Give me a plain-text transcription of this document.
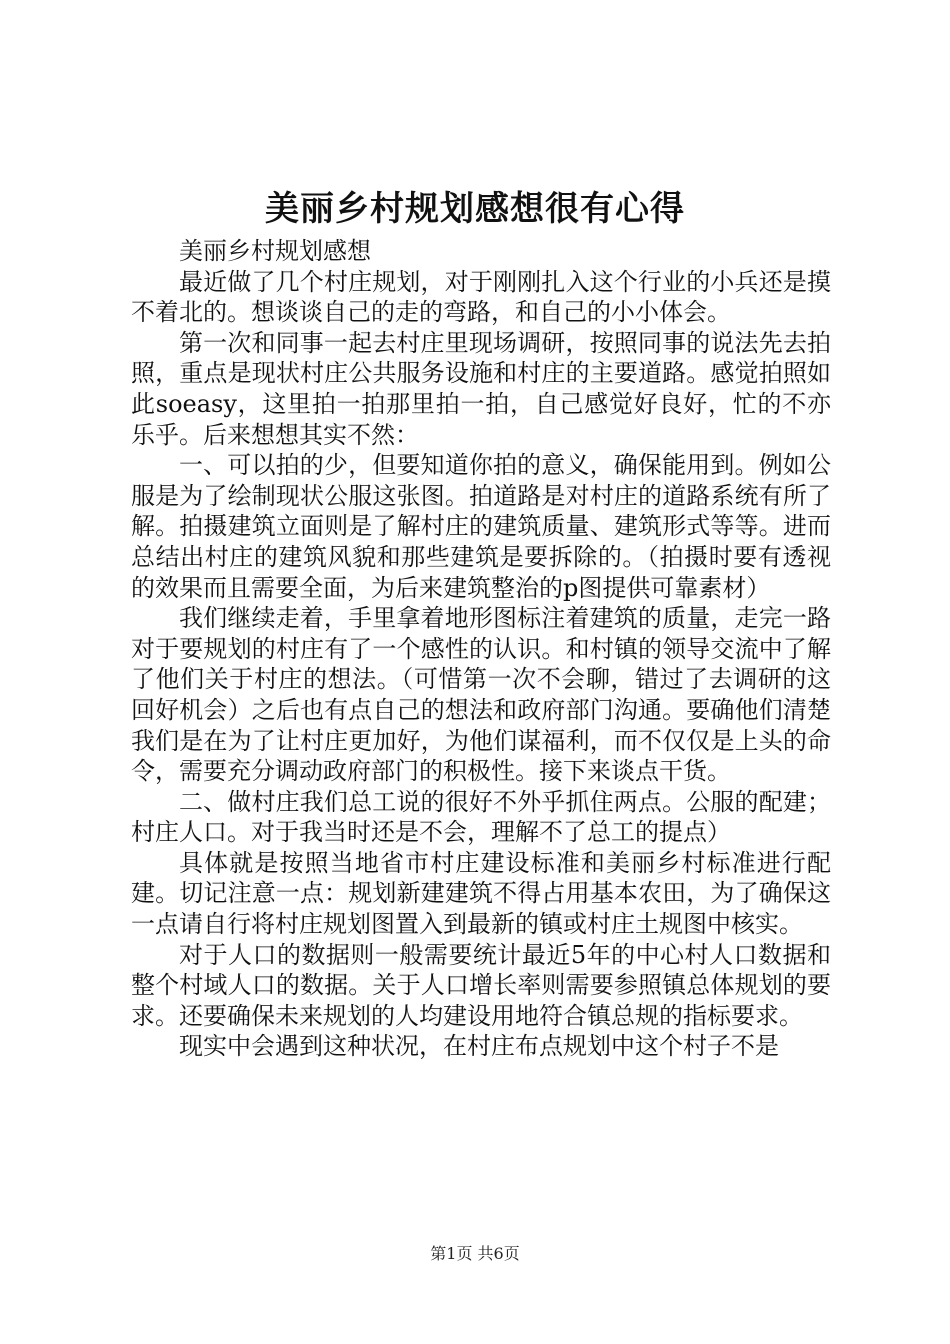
美丽乡村规划感想很有心得

美丽乡村规划感想

最近做了几个村庄规划，对于刚刚扎入这个行业的小兵还是摸不着北的。想谈谈自己的走的弯路，和自己的小小体会。

第一次和同事一起去村庄里现场调研，按照同事的说法先去拍照，重点是现状村庄公共服务设施和村庄的主要道路。感觉拍照如此soeasy，这里拍一拍那里拍一拍，自己感觉好良好，忙的不亦乐乎。后来想想其实不然：

一、可以拍的少，但要知道你拍的意义，确保能用到。例如公服是为了绘制现状公服这张图。拍道路是对村庄的道路系统有所了解。拍摄建筑立面则是了解村庄的建筑质量、建筑形式等等。进而总结出村庄的建筑风貌和那些建筑是要拆除的。（拍摄时要有透视的效果而且需要全面，为后来建筑整治的p图提供可靠素材）

我们继续走着，手里拿着地形图标注着建筑的质量，走完一路对于要规划的村庄有了一个感性的认识。和村镇的领导交流中了解了他们关于村庄的想法。（可惜第一次不会聊，错过了去调研的这回好机会）之后也有点自己的想法和政府部门沟通。要确他们清楚我们是在为了让村庄更加好，为他们谋福利，而不仅仅是上头的命令，需要充分调动政府部门的积极性。接下来谈点干货。

二、做村庄我们总工说的很好不外乎抓住两点。公服的配建；村庄人口。对于我当时还是不会，理解不了总工的提点）

具体就是按照当地省市村庄建设标准和美丽乡村标准进行配建。切记注意一点：规划新建建筑不得占用基本农田，为了确保这一点请自行将村庄规划图置入到最新的镇或村庄土规图中核实。

对于人口的数据则一般需要统计最近5年的中心村人口数据和整个村域人口的数据。关于人口增长率则需要参照镇总体规划的要求。还要确保未来规划的人均建设用地符合镇总规的指标要求。

现实中会遇到这种状况，在村庄布点规划中这个村子不是

第1页 共6页
